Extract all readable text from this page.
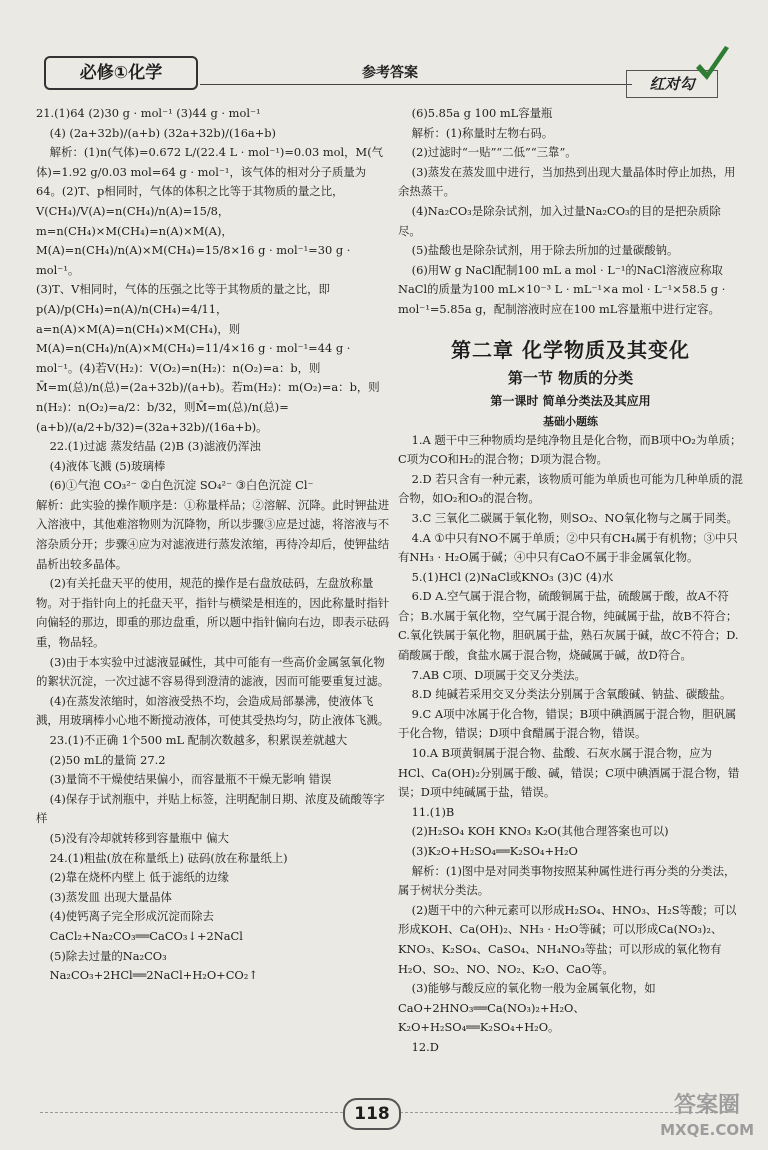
必修①化学	参考答案
红对勾

21.(1)64 (2)30 g · mol⁻¹ (3)44 g · mol⁻¹

(4) (2a+32b)/(a+b) (32a+32b)/(16a+b)

解析：(1)n(气体)=0.672 L/(22.4 L · mol⁻¹)=0.03 mol，M(气体)=1.92 g/0.03 mol=64 g · mol⁻¹，该气体的相对分子质量为64。(2)T、p相同时，气体的体积之比等于其物质的量之比，V(CH₄)/V(A)=n(CH₄)/n(A)=15/8，m=n(CH₄)×M(CH₄)=n(A)×M(A)，M(A)=n(CH₄)/n(A)×M(CH₄)=15/8×16 g · mol⁻¹=30 g · mol⁻¹。

(3)T、V相同时，气体的压强之比等于其物质的量之比，即p(A)/p(CH₄)=n(A)/n(CH₄)=4/11，a=n(A)×M(A)=n(CH₄)×M(CH₄)，则M(A)=n(CH₄)/n(A)×M(CH₄)=11/4×16 g · mol⁻¹=44 g · mol⁻¹。(4)若V(H₂)：V(O₂)=n(H₂)：n(O₂)=a：b，则M̄=m(总)/n(总)=(2a+32b)/(a+b)。若m(H₂)：m(O₂)=a：b，则n(H₂)：n(O₂)=a/2：b/32，则M̄=m(总)/n(总)=(a+b)/(a/2+b/32)=(32a+32b)/(16a+b)。

22.(1)过滤 蒸发结晶 (2)B (3)滤液仍浑浊

(4)液体飞溅 (5)玻璃棒

(6)①气泡 CO₃²⁻ ②白色沉淀 SO₄²⁻ ③白色沉淀 Cl⁻

解析：此实验的操作顺序是：①称量样品；②溶解、沉降。此时钾盐进入溶液中，其他难溶物则为沉降物，所以步骤③应是过滤，将溶液与不溶杂质分开；步骤④应为对滤液进行蒸发浓缩，再待冷却后，使钾盐结晶析出较多晶体。

(2)有关托盘天平的使用，规范的操作是右盘放砝码，左盘放称量物。对于指针向上的托盘天平，指针与横梁是相连的，因此称量时指针向偏轻的那边，即重的那边盘重，所以题中指针偏向右边，即表示砝码重，物品轻。

(3)由于本实验中过滤液显碱性，其中可能有一些高价金属氢氧化物的絮状沉淀，一次过滤不容易得到澄清的滤液，因而可能要重复过滤。

(4)在蒸发浓缩时，如溶液受热不均，会造成局部暴沸，使液体飞溅，用玻璃棒小心地不断搅动液体，可使其受热均匀，防止液体飞溅。

23.(1)不正确 1个500 mL 配制次数越多，积累误差就越大

(2)50 mL的量筒 27.2

(3)量筒不干燥使结果偏小，而容量瓶不干燥无影响 错误

(4)保存于试剂瓶中，并贴上标签，注明配制日期、浓度及硫酸等字样

(5)没有冷却就转移到容量瓶中 偏大

24.(1)粗盐(放在称量纸上) 砝码(放在称量纸上)

(2)靠在烧杯内壁上 低于滤纸的边缘

(3)蒸发皿 出现大量晶体

(4)使钙离子完全形成沉淀而除去

CaCl₂+Na₂CO₃══CaCO₃↓+2NaCl

(5)除去过量的Na₂CO₃

Na₂CO₃+2HCl══2NaCl+H₂O+CO₂↑

(6)5.85a g 100 mL容量瓶

解析：(1)称量时左物右码。

(2)过滤时“一贴”“二低”“三靠”。

(3)蒸发在蒸发皿中进行，当加热到出现大量晶体时停止加热，用余热蒸干。

(4)Na₂CO₃是除杂试剂，加入过量Na₂CO₃的目的是把杂质除尽。

(5)盐酸也是除杂试剂，用于除去所加的过量碳酸钠。

(6)用W g NaCl配制100 mL a mol · L⁻¹的NaCl溶液应称取NaCl的质量为100 mL×10⁻³ L · mL⁻¹×a mol · L⁻¹×58.5 g · mol⁻¹=5.85a g，配制溶液时应在100 mL容量瓶中进行定容。

第二章 化学物质及其变化
第一节 物质的分类
第一课时 简单分类法及其应用
基础小题练

1.A 题干中三种物质均是纯净物且是化合物，而B项中O₂为单质；C项为CO和H₂的混合物；D项为混合物。

2.D 若只含有一种元素，该物质可能为单质也可能为几种单质的混合物，如O₂和O₃的混合物。

3.C 三氧化二碳属于氧化物，则SO₂、NO氧化物与之属于同类。

4.A ①中只有NO不属于单质；②中只有CH₄属于有机物；③中只有NH₃ · H₂O属于碱；④中只有CaO不属于非金属氧化物。

5.(1)HCl (2)NaCl或KNO₃ (3)C (4)水

6.D A.空气属于混合物，硫酸铜属于盐，硫酸属于酸，故A不符合；B.水属于氧化物，空气属于混合物，纯碱属于盐，故B不符合；C.氧化铁属于氧化物，胆矾属于盐，熟石灰属于碱，故C不符合；D.硝酸属于酸，食盐水属于混合物，烧碱属于碱，故D符合。

7.AB C项、D项属于交叉分类法。

8.D 纯碱若采用交叉分类法分别属于含氧酸碱、钠盐、碳酸盐。

9.C A项中冰属于化合物，错误；B项中碘酒属于混合物，胆矾属于化合物，错误；D项中食醋属于混合物，错误。

10.A B项黄铜属于混合物、盐酸、石灰水属于混合物，应为HCl、Ca(OH)₂分别属于酸、碱，错误；C项中碘酒属于混合物，错误；D项中纯碱属于盐，错误。

11.(1)B

(2)H₂SO₄ KOH KNO₃ K₂O(其他合理答案也可以)

(3)K₂O+H₂SO₄══K₂SO₄+H₂O

解析：(1)图中是对同类事物按照某种属性进行再分类的分类法，属于树状分类法。

(2)题干中的六种元素可以形成H₂SO₄、HNO₃、H₂S等酸；可以形成KOH、Ca(OH)₂、NH₃ · H₂O等碱；可以形成Ca(NO₃)₂、KNO₃、K₂SO₄、CaSO₄、NH₄NO₃等盐；可以形成的氧化物有H₂O、SO₂、NO、NO₂、K₂O、CaO等。

(3)能够与酸反应的氧化物一般为金属氧化物，如CaO+2HNO₃══Ca(NO₃)₂+H₂O、K₂O+H₂SO₄══K₂SO₄+H₂O。

12.D

118	答案圈
MXQE.COM
